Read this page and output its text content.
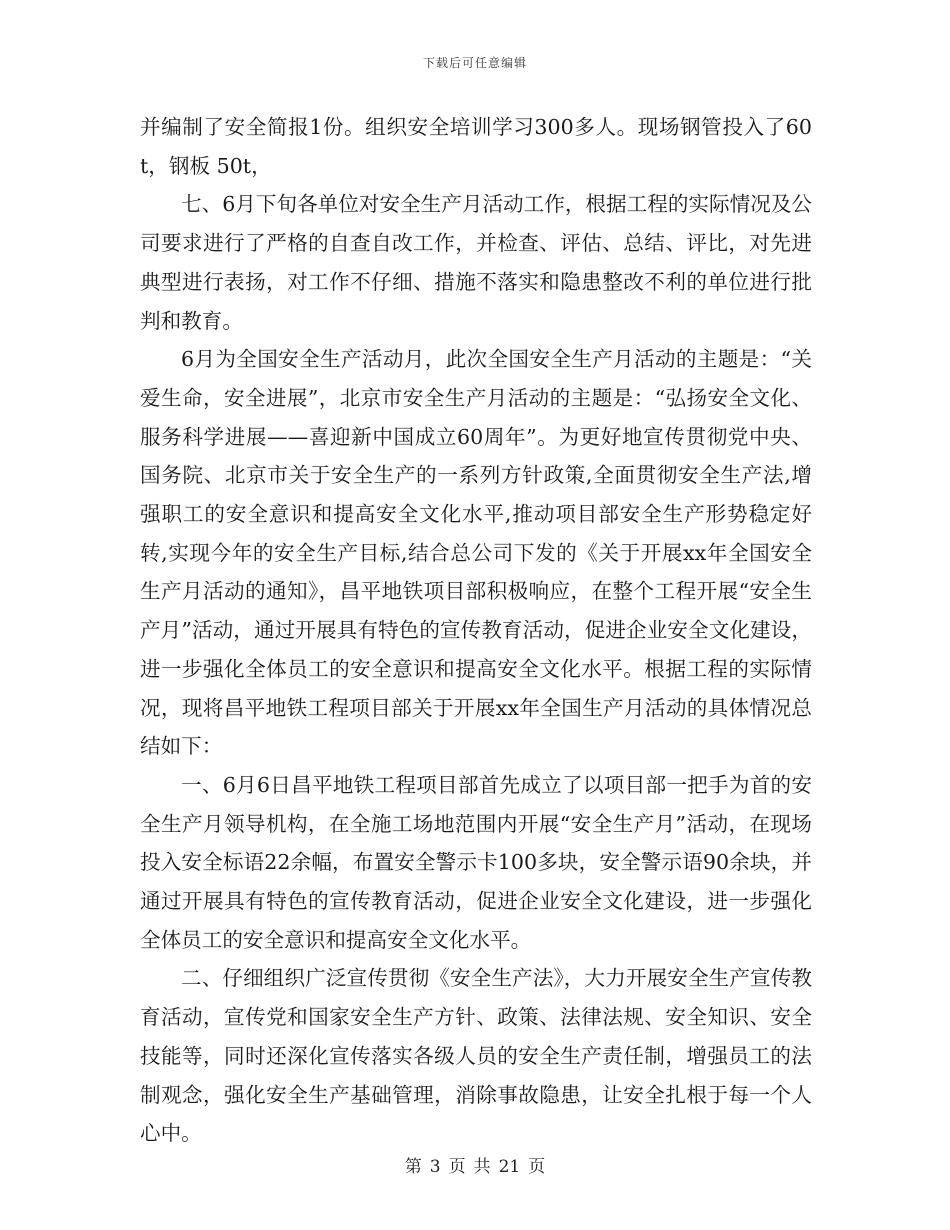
下载后可任意编辑

并编制了安全简报1份。组织安全培训学习300多人。现场钢管投入了60t，钢板 50t，

七、6月下旬各单位对安全生产月活动工作，根据工程的实际情况及公司要求进行了严格的自查自改工作，并检查、评估、总结、评比，对先进典型进行表扬，对工作不仔细、措施不落实和隐患整改不利的单位进行批判和教育。

6月为全国安全生产活动月，此次全国安全生产月活动的主题是：“关爱生命，安全进展”，北京市安全生产月活动的主题是：“弘扬安全文化、服务科学进展——喜迎新中国成立60周年”。为更好地宣传贯彻党中央、国务院、北京市关于安全生产的一系列方针政策,全面贯彻安全生产法,增强职工的安全意识和提高安全文化水平,推动项目部安全生产形势稳定好转,实现今年的安全生产目标,结合总公司下发的《关于开展xx年全国安全生产月活动的通知》，昌平地铁项目部积极响应，在整个工程开展“安全生产月”活动，通过开展具有特色的宣传教育活动，促进企业安全文化建设，进一步强化全体员工的安全意识和提高安全文化水平。根据工程的实际情况，现将昌平地铁工程项目部关于开展xx年全国生产月活动的具体情况总结如下：

一、6月6日昌平地铁工程项目部首先成立了以项目部一把手为首的安全生产月领导机构，在全施工场地范围内开展“安全生产月”活动，在现场投入安全标语22余幅，布置安全警示卡100多块，安全警示语90余块，并通过开展具有特色的宣传教育活动，促进企业安全文化建设，进一步强化全体员工的安全意识和提高安全文化水平。

二、仔细组织广泛宣传贯彻《安全生产法》，大力开展安全生产宣传教育活动，宣传党和国家安全生产方针、政策、法律法规、安全知识、安全技能等，同时还深化宣传落实各级人员的安全生产责任制，增强员工的法制观念，强化安全生产基础管理，消除事故隐患，让安全扎根于每一个人心中。

第 3 页 共 21 页
